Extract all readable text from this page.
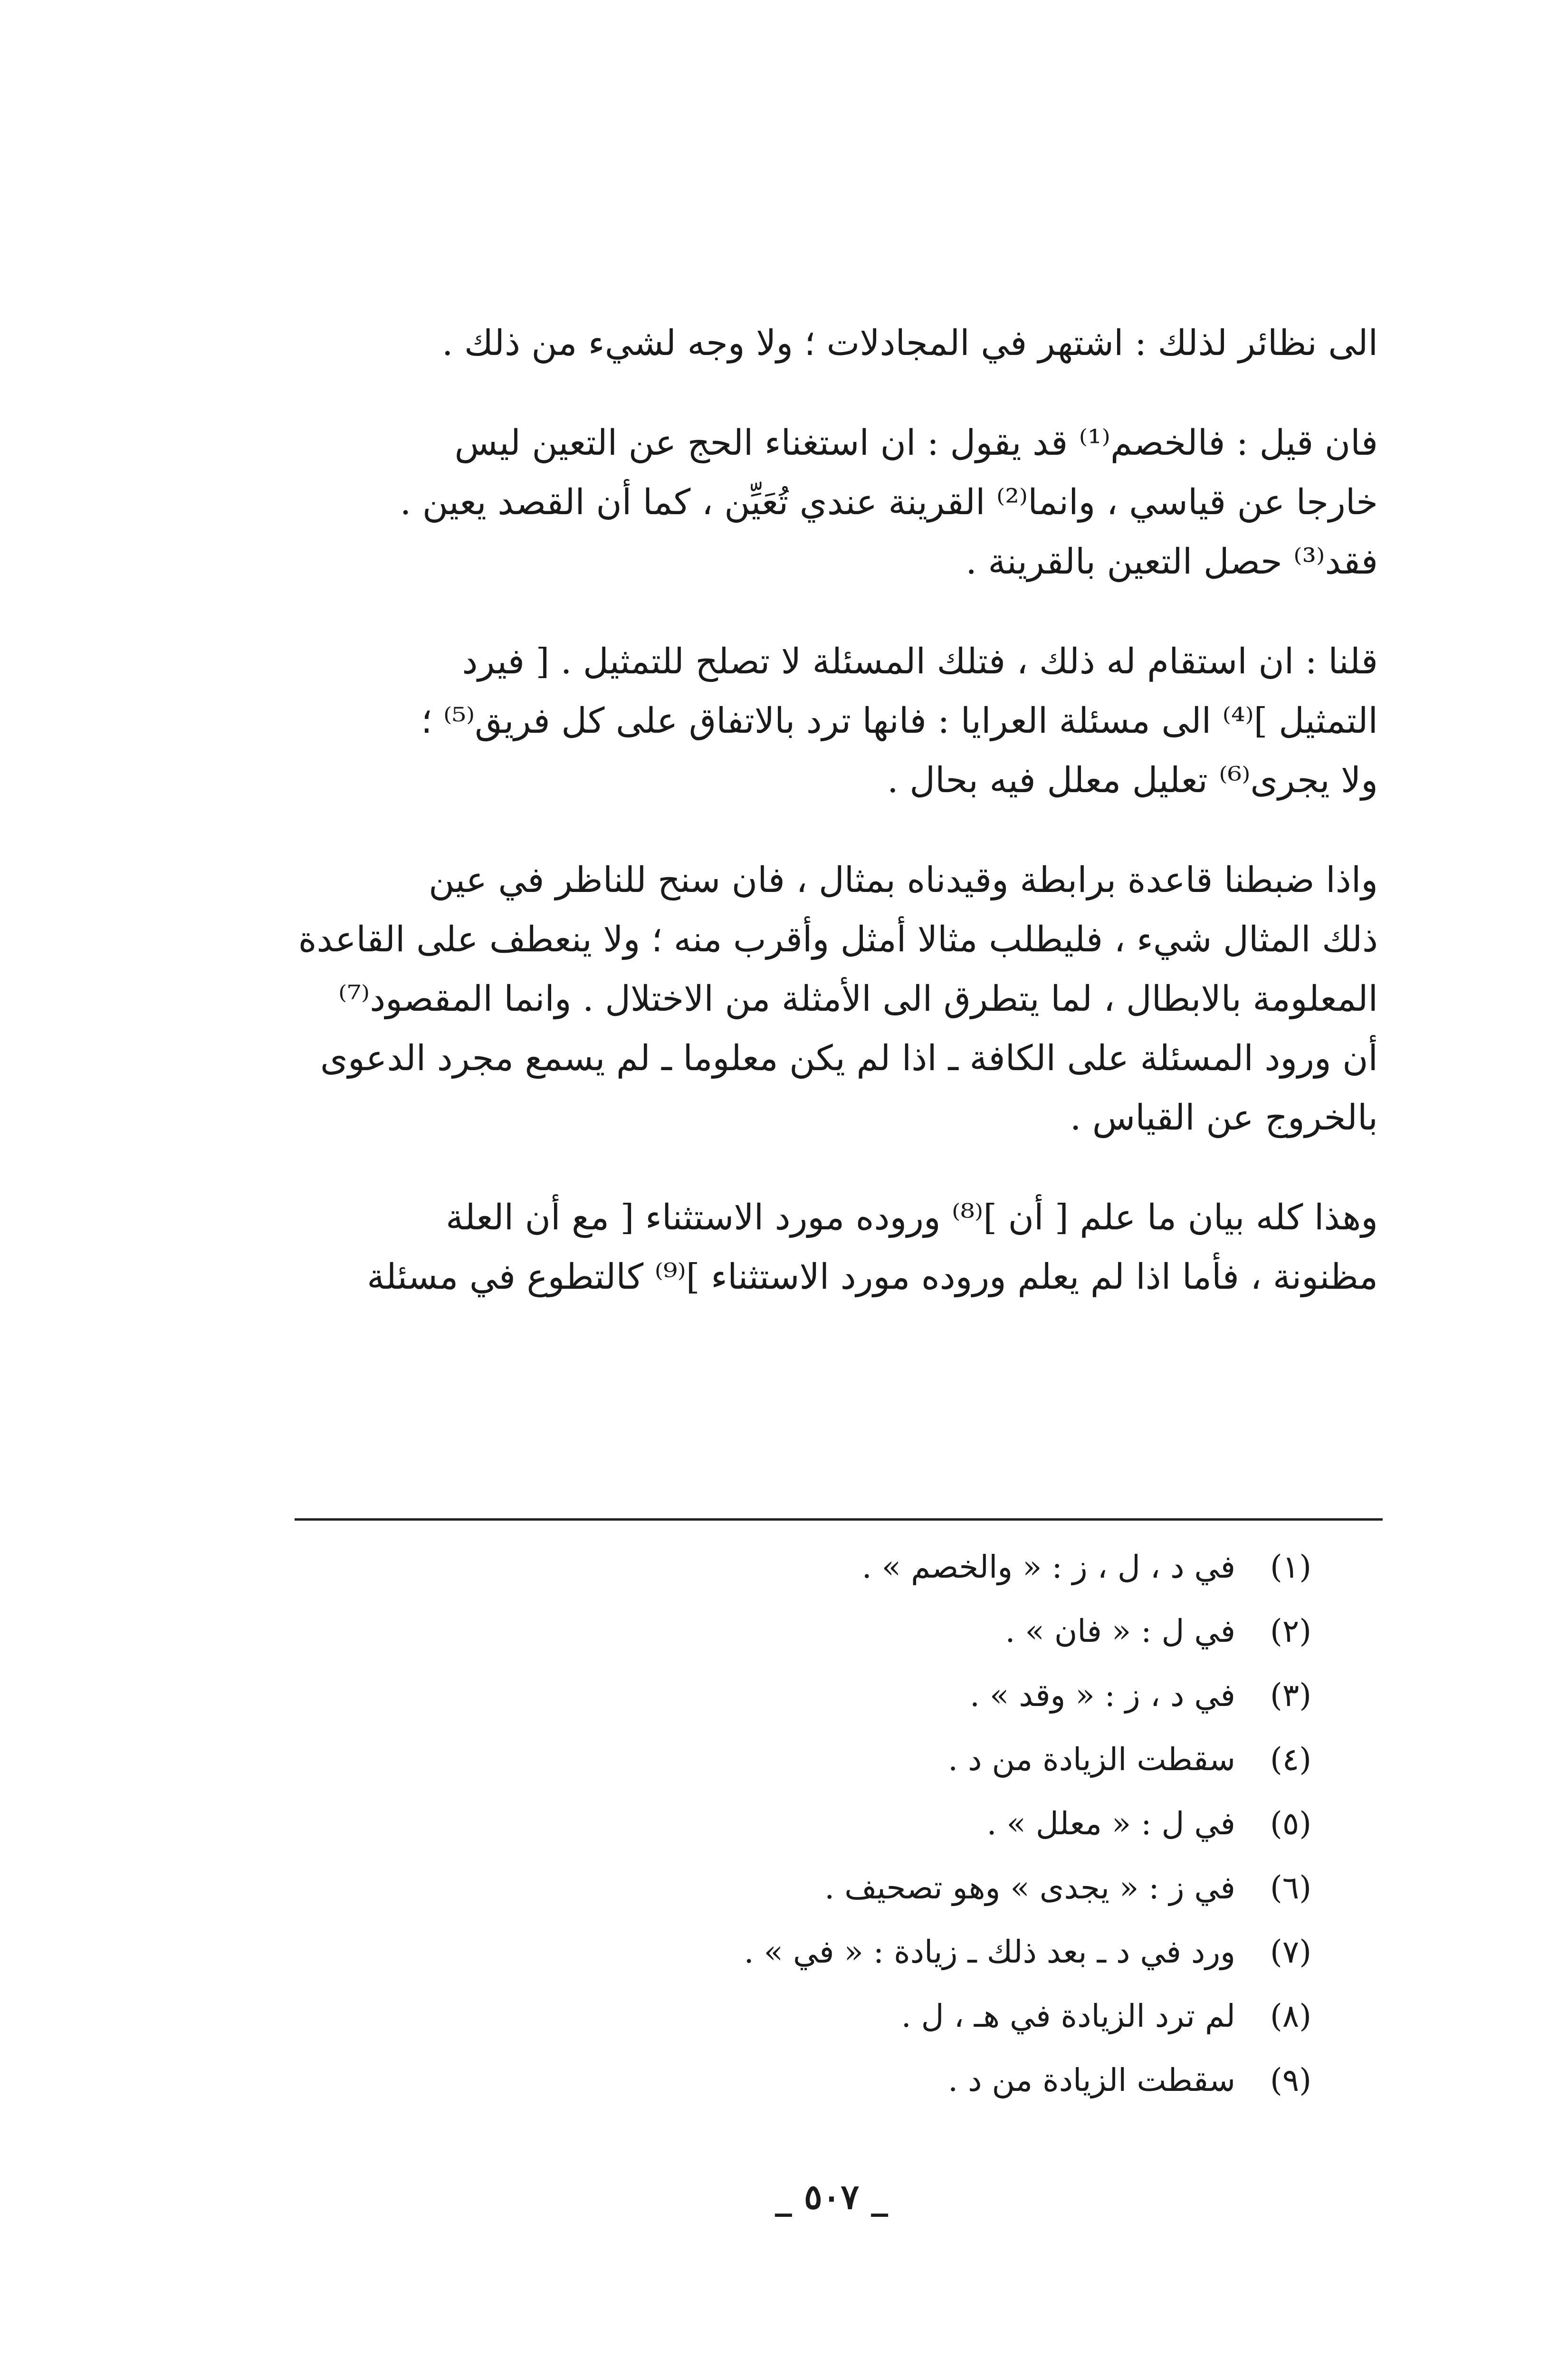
الى نظائر لذلك : اشتهر في المجادلات ؛ ولا وجه لشيء من ذلك .

فان قيل : فالخصم⁽¹⁾ قد يقول : ان استغناء الحج عن التعين ليس
خارجا عن قياسي ، وانما⁽²⁾ القرينة عندي تُعَيِّن ، كما أن القصد يعين .
فقد⁽³⁾ حصل التعين بالقرينة .

قلنا : ان استقام له ذلك ، فتلك المسئلة لا تصلح للتمثيل . [ فيرد
التمثيل ]⁽⁴⁾ الى مسئلة العرايا : فانها ترد بالاتفاق على كل فريق⁽⁵⁾ ؛
ولا يجرى⁽⁶⁾ تعليل معلل فيه بحال .

واذا ضبطنا قاعدة برابطة وقيدناه بمثال ، فان سنح للناظر في عين
ذلك المثال شيء ، فليطلب مثالا أمثل وأقرب منه ؛ ولا ينعطف على القاعدة
المعلومة بالابطال ، لما يتطرق الى الأمثلة من الاختلال . وانما المقصود⁽⁷⁾
أن ورود المسئلة على الكافة ـ اذا لم يكن معلوما ـ لم يسمع مجرد الدعوى
بالخروج عن القياس .

وهذا كله بيان ما علم [ أن ]⁽⁸⁾ وروده مورد الاستثناء [ مع أن العلة
مظنونة ، فأما اذا لم يعلم وروده مورد الاستثناء ]⁽⁹⁾ كالتطوع في مسئلة

(١)في د ، ل ، ز : « والخصم » .
(٢)في ل : « فان » .
(٣)في د ، ز : « وقد » .
(٤)سقطت الزيادة من د .
(٥)في ل : « معلل » .
(٦)في ز : « يجدى » وهو تصحيف .
(٧)ورد في د ـ بعد ذلك ـ زيادة : « في » .
(٨)لم ترد الزيادة في هـ ، ل .
(٩)سقطت الزيادة من د .
_ ٥٠٧ _
